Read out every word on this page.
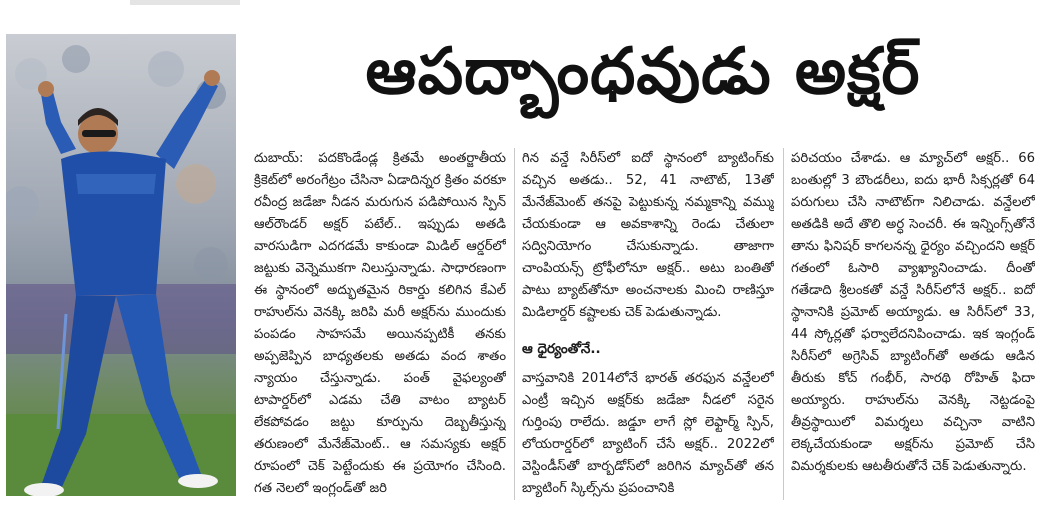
ఆపద్బాంధవుడు అక్షర్

దుబాయ్: పదకొండేండ్ల క్రితమే అంతర్జాతీయ క్రికెట్‌లో అరంగేట్రం చేసినా ఏడాదిన్నర క్రితం వరకూ రవీంద్ర జడేజా నీడన మరుగున పడిపోయిన స్పిన్ ఆల్‌రౌండర్ అక్షర్ పటేల్.. ఇప్పుడు అతడి వారసుడిగా ఎదగడమే కాకుండా మిడిల్ ఆర్డర్‌లో జట్టుకు వెన్నెముకగా నిలుస్తున్నాడు. సాధారణంగా ఈ స్థానంలో అద్భుతమైన రికార్డు కలిగిన కేఎల్ రాహుల్‌ను వెనక్కి జరిపి మరీ అక్షర్‌ను ముందుకు పంపడం సాహసమే అయినప్పటికీ తనకు అప్పజెప్పిన బాధ్యతలకు అతడు వంద శాతం న్యాయం చేస్తున్నాడు. పంత్ వైఫల్యంతో టాపార్డర్‌లో ఎడమ చేతి వాటం బ్యాటర్ లేకపోవడం జట్టు కూర్పును దెబ్బతీస్తున్న తరుణంలో మేనేజ్‌మెంట్.. ఆ సమస్యకు అక్షర్ రూపంలో చెక్ పెట్టేందుకు ఈ ప్రయోగం చేసింది. గత నెలలో ఇంగ్లండ్‌తో జరి

గిన వన్డే సిరీస్‌లో ఐదో స్థానంలో బ్యాటింగ్‌కు వచ్చిన అతడు.. 52, 41 నాటౌట్, 13తో మేనేజ్‌మెంట్ తనపై పెట్టుకున్న నమ్మకాన్ని వమ్ము చేయకుండా ఆ అవకాశాన్ని రెండు చేతులా సద్వినియోగం చేసుకున్నాడు. తాజాగా చాంపియన్స్ ట్రోఫీలోనూ అక్షర్.. అటు బంతితో పాటు బ్యాట్‌తోనూ అంచనాలకు మించి రాణిస్తూ మిడిలార్డర్ కష్టాలకు చెక్ పెడుతున్నాడు.

ఆ ధైర్యంతోనే..

వాస్తవానికి 2014లోనే భారత్ తరఫున వన్డేలలో ఎంట్రీ ఇచ్చిన అక్షర్‌కు జడేజా నీడలో సరైన గుర్తింపు రాలేదు. జడ్డూ లాగే స్లో లెఫ్టార్మ్ స్పిన్, లోయరార్డర్‌లో బ్యాటింగ్ చేసే అక్షర్.. 2022లో వెస్టిండీస్‌తో బార్బడోస్‌లో జరిగిన మ్యాచ్‌తో తన బ్యాటింగ్ స్కిల్స్‌ను ప్రపంచానికి

పరిచయం చేశాడు. ఆ మ్యాచ్‌లో అక్షర్.. 66 బంతుల్లో 3 బౌండరీలు, ఐదు భారీ సిక్సర్లతో 64 పరుగులు చేసి నాటౌట్‌గా నిలిచాడు. వన్డేలలో అతడికి అదే తొలి అర్ధ సెంచరీ. ఈ ఇన్నింగ్స్‌తోనే తాను ఫినిషర్ కాగలనన్న ధైర్యం వచ్చిందని అక్షర్ గతంలో ఓసారి వ్యాఖ్యానించాడు. దీంతో గతేడాది శ్రీలంకతో వన్డే సిరీస్‌లోనే అక్షర్.. ఐదో స్థానానికి ప్రమోట్ అయ్యాడు. ఆ సిరీస్‌లో 33, 44 స్కోర్లతో ఫర్వాలేదనిపించాడు. ఇక ఇంగ్లండ్ సిరీస్‌లో అగ్రెసివ్ బ్యాటింగ్‌తో అతడు ఆడిన తీరుకు కోచ్ గంభీర్, సారథి రోహిత్ ఫిదా అయ్యారు. రాహుల్‌ను వెనక్కి నెట్టడంపై తీవ్రస్థాయిలో విమర్శలు వచ్చినా వాటిని లెక్కచేయకుండా అక్షర్‌ను ప్రమోట్ చేసి విమర్శకులకు ఆటతీరుతోనే చెక్ పెడుతున్నారు.
